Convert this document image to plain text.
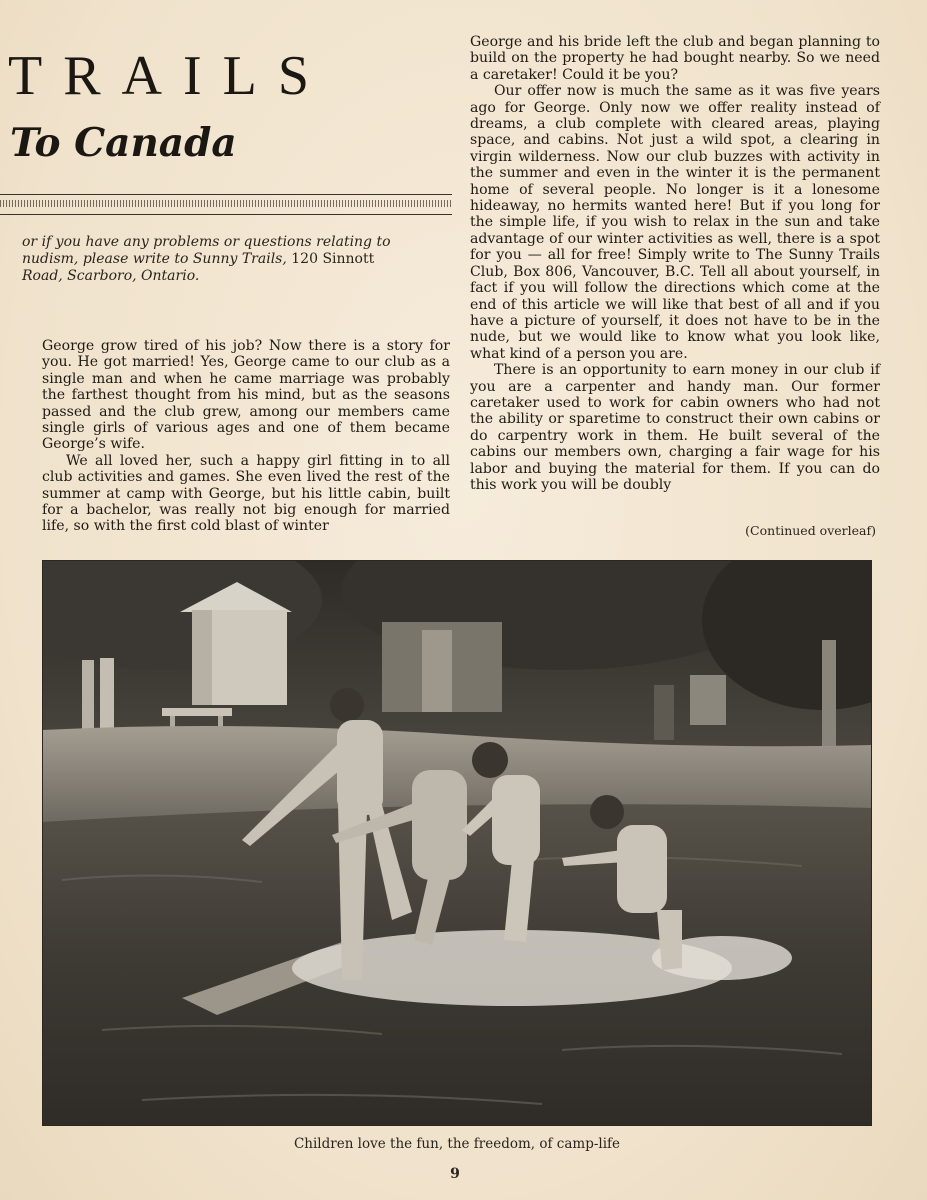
TRAILS
To Canada

or if you have any problems or questions relating to nudism, please write to Sunny Trails, 120 Sinnott
Road, Scarboro, Ontario.

George grow tired of his job? Now there is a story for you. He got married! Yes, George came to our club as a single man and when he came marriage was probably the farthest thought from his mind, but as the seasons passed and the club grew, among our members came single girls of various ages and one of them became George’s wife.

We all loved her, such a happy girl fitting in to all club activities and games. She even lived the rest of the summer at camp with George, but his little cabin, built for a bachelor, was really not big enough for married life, so with the first cold blast of winter

George and his bride left the club and began planning to build on the property he had bought nearby. So we need a caretaker! Could it be you?

Our offer now is much the same as it was five years ago for George. Only now we offer reality instead of dreams, a club complete with cleared areas, playing space, and cabins. Not just a wild spot, a clearing in virgin wilderness. Now our club buzzes with activity in the summer and even in the winter it is the permanent home of several people. No longer is it a lonesome hideaway, no hermits wanted here! But if you long for the simple life, if you wish to relax in the sun and take advantage of our winter activities as well, there is a spot for you — all for free! Simply write to The Sunny Trails Club, Box 806, Vancouver, B.C. Tell all about yourself, in fact if you will follow the directions which come at the end of this article we will like that best of all and if you have a picture of yourself, it does not have to be in the nude, but we would like to know what you look like, what kind of a person you are.

There is an opportunity to earn money in our club if you are a carpenter and handy man. Our former caretaker used to work for cabin owners who had not the ability or sparetime to construct their own cabins or do carpentry work in them. He built several of the cabins our members own, charging a fair wage for his labor and buying the material for them. If you can do this work you will be doubly

(Continued overleaf)

Children love the fun, the freedom, of camp-life

9
